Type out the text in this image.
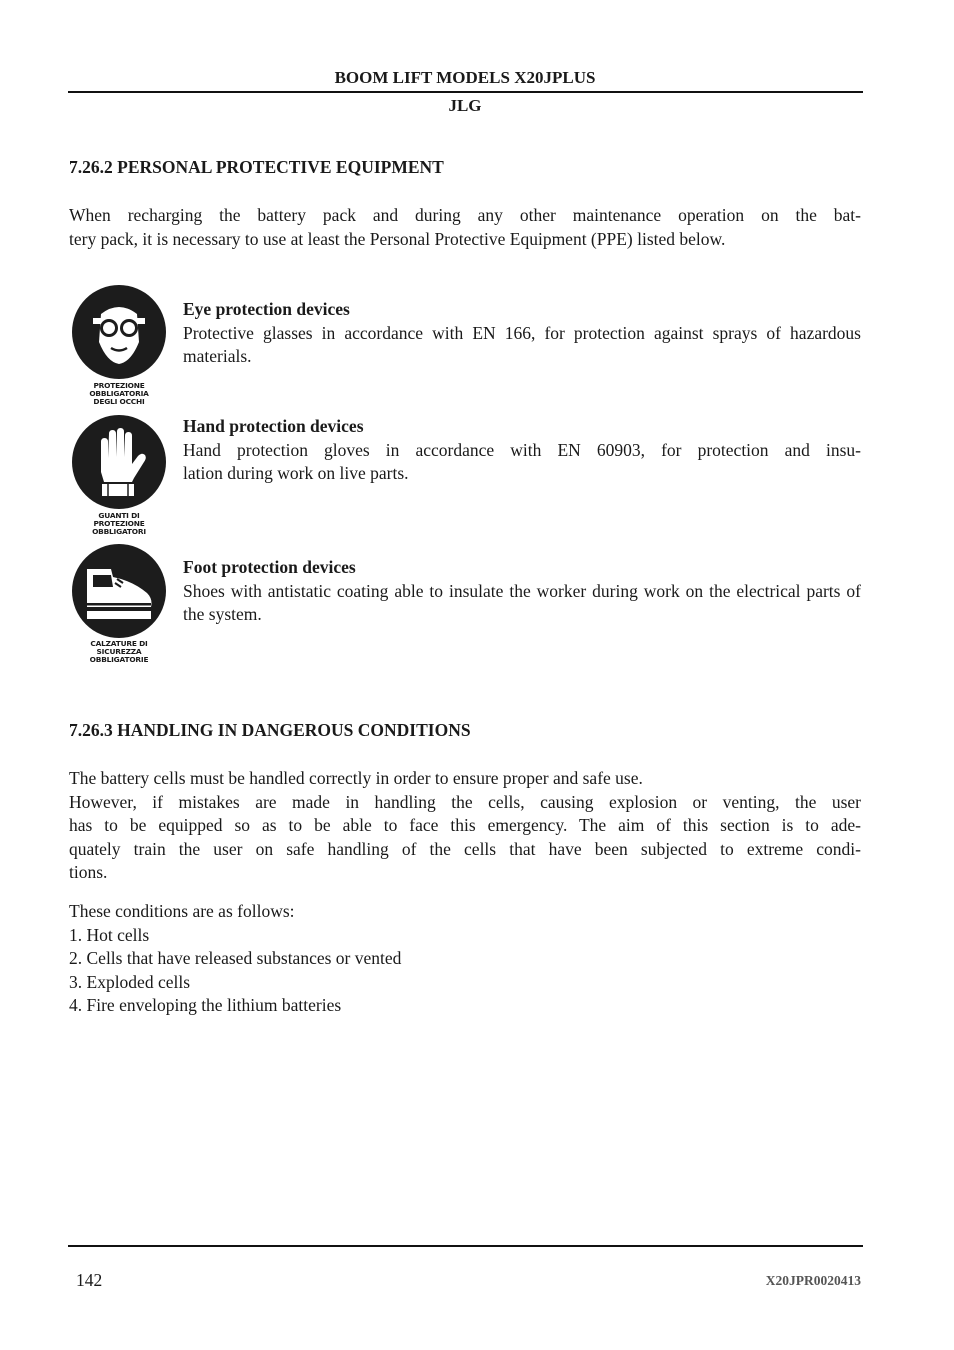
BOOM LIFT MODELS X20JPLUS
JLG
7.26.2 PERSONAL PROTECTIVE EQUIPMENT
When recharging the battery pack and during any other maintenance operation on the bat-
tery pack, it is necessary to use at least the Personal Protective Equipment (PPE) listed below.
PROTEZIONE
OBBLIGATORIA
DEGLI OCCHI
Eye protection devices
Protective glasses in accordance with EN 166, for protection against sprays of hazardous materials.
GUANTI DI
PROTEZIONE
OBBLIGATORI
Hand protection devices
Hand protection gloves in accordance with EN 60903, for protection and insu-
lation during work on live parts.
CALZATURE DI
SICUREZZA
OBBLIGATORIE
Foot protection devices
Shoes with antistatic coating able to insulate the worker during work on the electrical parts of the system.
7.26.3 HANDLING IN DANGEROUS CONDITIONS
The battery cells must be handled correctly in order to ensure proper and safe use.
However, if mistakes are made in handling the cells, causing explosion or venting, the user
has to be equipped so as to be able to face this emergency. The aim of this section is to ade-
quately train the user on safe handling of the cells that have been subjected to extreme condi-
tions.
These conditions are as follows:
1. Hot cells
2. Cells that have released substances or vented
3. Exploded cells
4. Fire enveloping the lithium batteries
142	X20JPR0020413
